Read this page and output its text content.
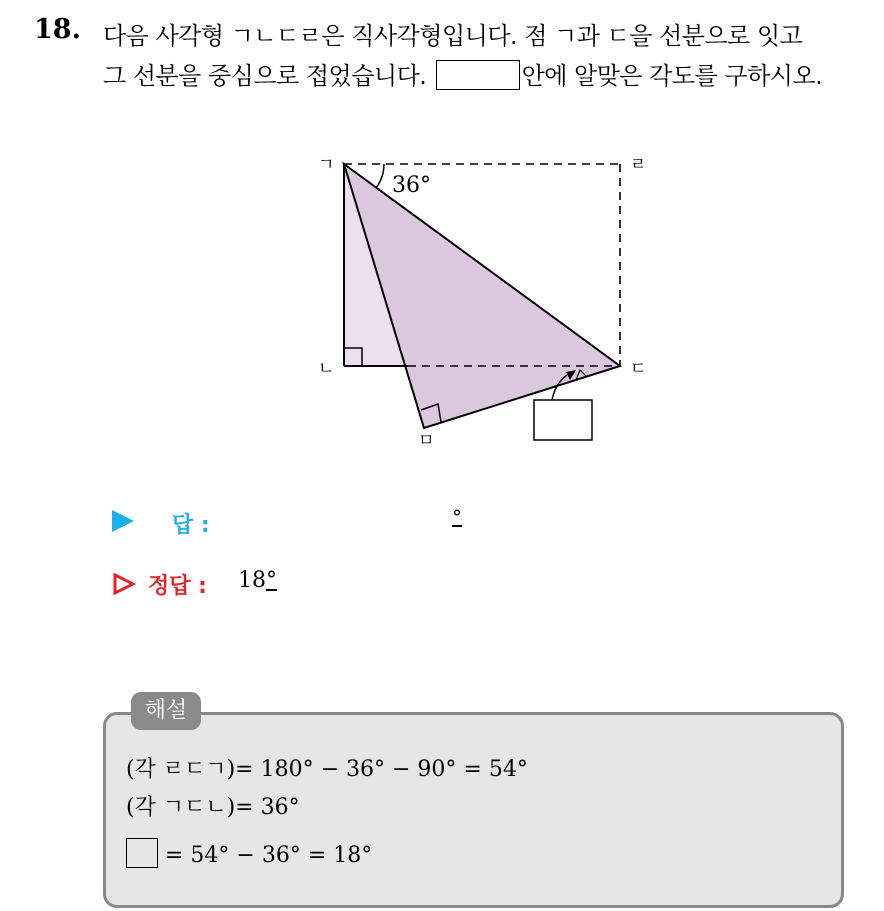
18. 다음 사각형 ㄱㄴㄷㄹ은 직사각형입니다. 점 ㄱ과 ㄷ을 선분으로 잇고
그 선분을 중심으로 접었습니다.	안에 알맞은 각도를 구하시오.
36°
ㄱ	ㄹ
ㄴ	ㄷ
ㅁ
답 :	°
정답 : 18°
해설
(각 ㄹㄷㄱ)= 180° − 36° − 90° = 54°
(각 ㄱㄷㄴ)= 36°
= 54° − 36° = 18°
